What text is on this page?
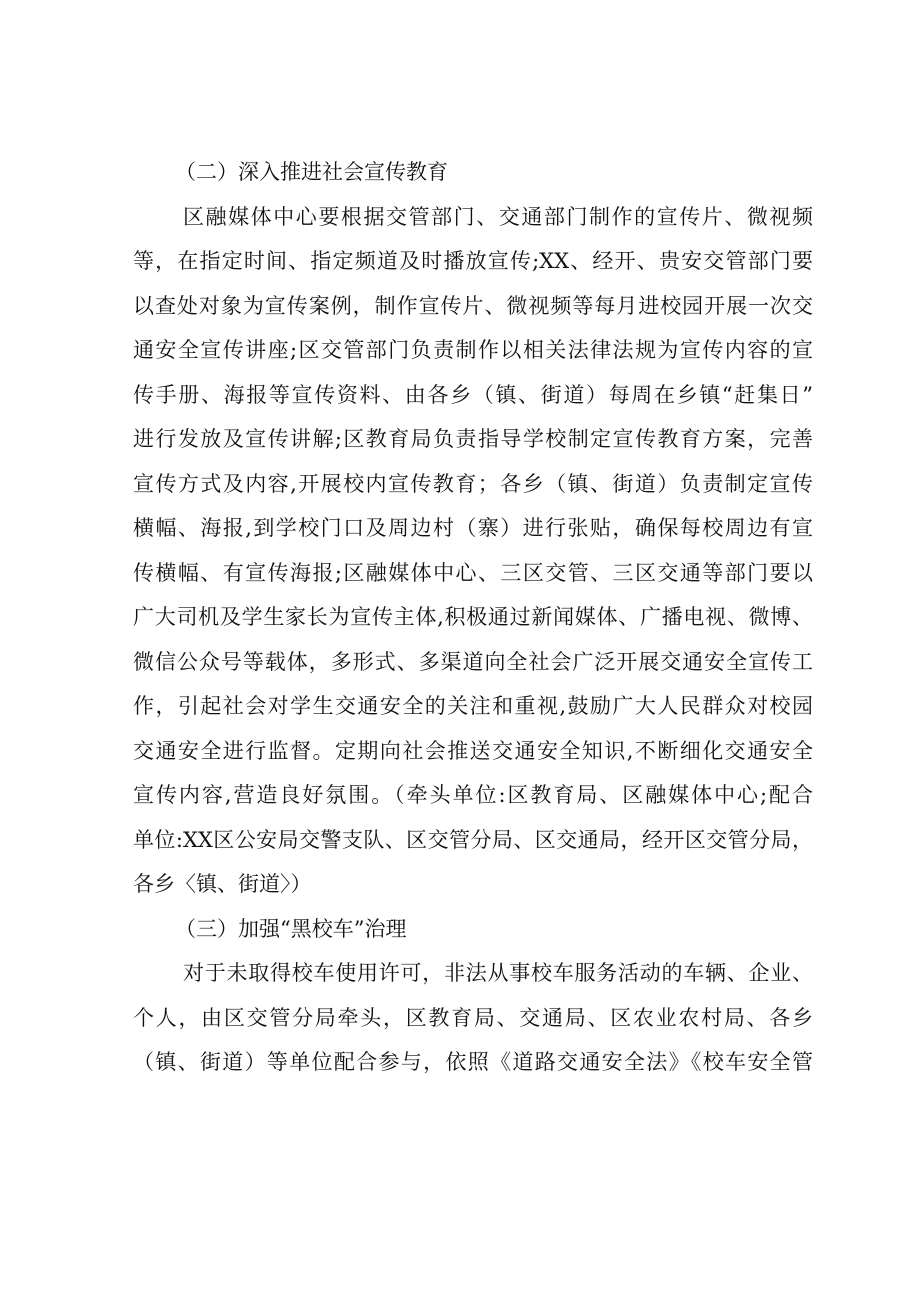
（二）深入推进社会宣传教育
区融媒体中心要根据交管部门、交通部门制作的宣传片、微视频
等，在指定时间、指定频道及时播放宣传;XX、经开、贵安交管部门要
以查处对象为宣传案例，制作宣传片、微视频等每月进校园开展一次交
通安全宣传讲座;区交管部门负责制作以相关法律法规为宣传内容的宣
传手册、海报等宣传资料、由各乡（镇、街道）每周在乡镇“赶集日”
进行发放及宣传讲解;区教育局负责指导学校制定宣传教育方案，完善
宣传方式及内容,开展校内宣传教育；各乡（镇、街道）负责制定宣传
横幅、海报,到学校门口及周边村（寨）进行张贴，确保每校周边有宣
传横幅、有宣传海报;区融媒体中心、三区交管、三区交通等部门要以
广大司机及学生家长为宣传主体,积极通过新闻媒体、广播电视、微博、
微信公众号等载体，多形式、多渠道向全社会广泛开展交通安全宣传工
作，引起社会对学生交通安全的关注和重视,鼓励广大人民群众对校园
交通安全进行监督。定期向社会推送交通安全知识,不断细化交通安全
宣传内容,营造良好氛围。（牵头单位:区教育局、区融媒体中心;配合
单位:XX区公安局交警支队、区交管分局、区交通局，经开区交管分局，
各乡〈镇、街道〉）
（三）加强“黑校车”治理
对于未取得校车使用许可，非法从事校车服务活动的车辆、企业、
个人，由区交管分局牵头，区教育局、交通局、区农业农村局、各乡
（镇、街道）等单位配合参与，依照《道路交通安全法》《校车安全管
